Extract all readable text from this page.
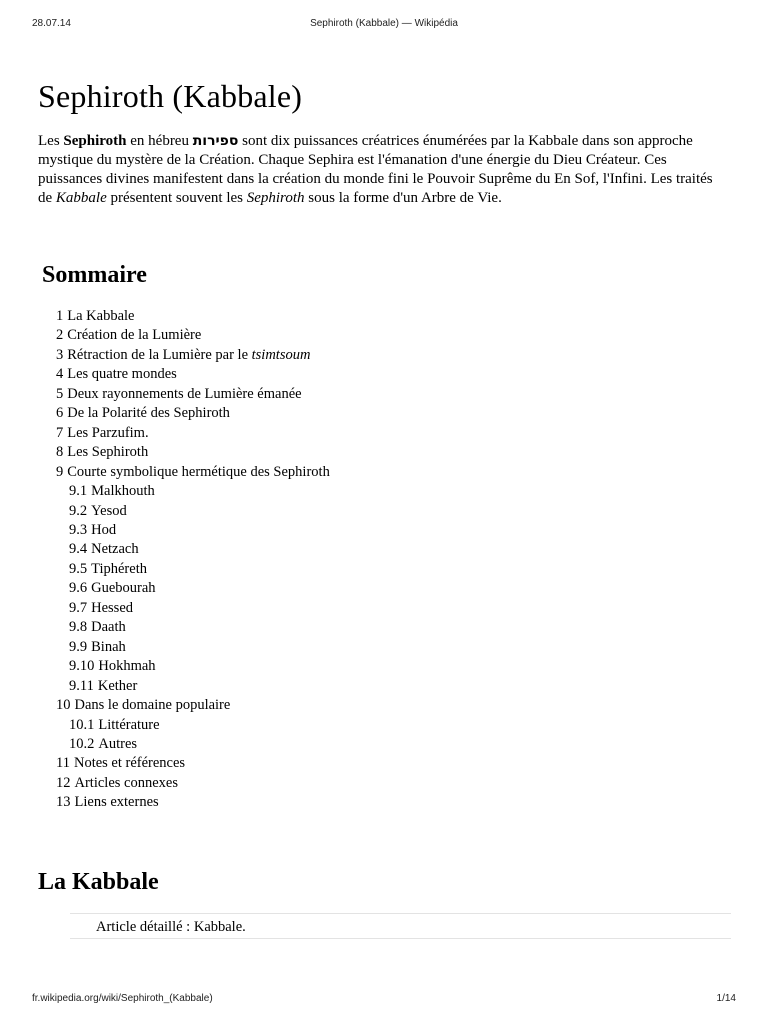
28.07.14	Sephiroth (Kabbale) — Wikipédia
Sephiroth (Kabbale)
Les Sephiroth en hébreu ספירות sont dix puissances créatrices énumérées par la Kabbale dans son approche mystique du mystère de la Création. Chaque Sephira est l'émanation d'une énergie du Dieu Créateur. Ces puissances divines manifestent dans la création du monde fini le Pouvoir Suprême du En Sof, l'Infini. Les traités de Kabbale présentent souvent les Sephiroth sous la forme d'un Arbre de Vie.
Sommaire
1 La Kabbale
2 Création de la Lumière
3 Rétraction de la Lumière par le tsimtsoum
4 Les quatre mondes
5 Deux rayonnements de Lumière émanée
6 De la Polarité des Sephiroth
7 Les Parzufim.
8 Les Sephiroth
9 Courte symbolique hermétique des Sephiroth
9.1 Malkhouth
9.2 Yesod
9.3 Hod
9.4 Netzach
9.5 Tiphéreth
9.6 Guebourah
9.7 Hessed
9.8 Daath
9.9 Binah
9.10 Hokhmah
9.11 Kether
10 Dans le domaine populaire
10.1 Littérature
10.2 Autres
11 Notes et références
12 Articles connexes
13 Liens externes
La Kabbale
Article détaillé : Kabbale.
fr.wikipedia.org/wiki/Sephiroth_(Kabbale)	1/14
